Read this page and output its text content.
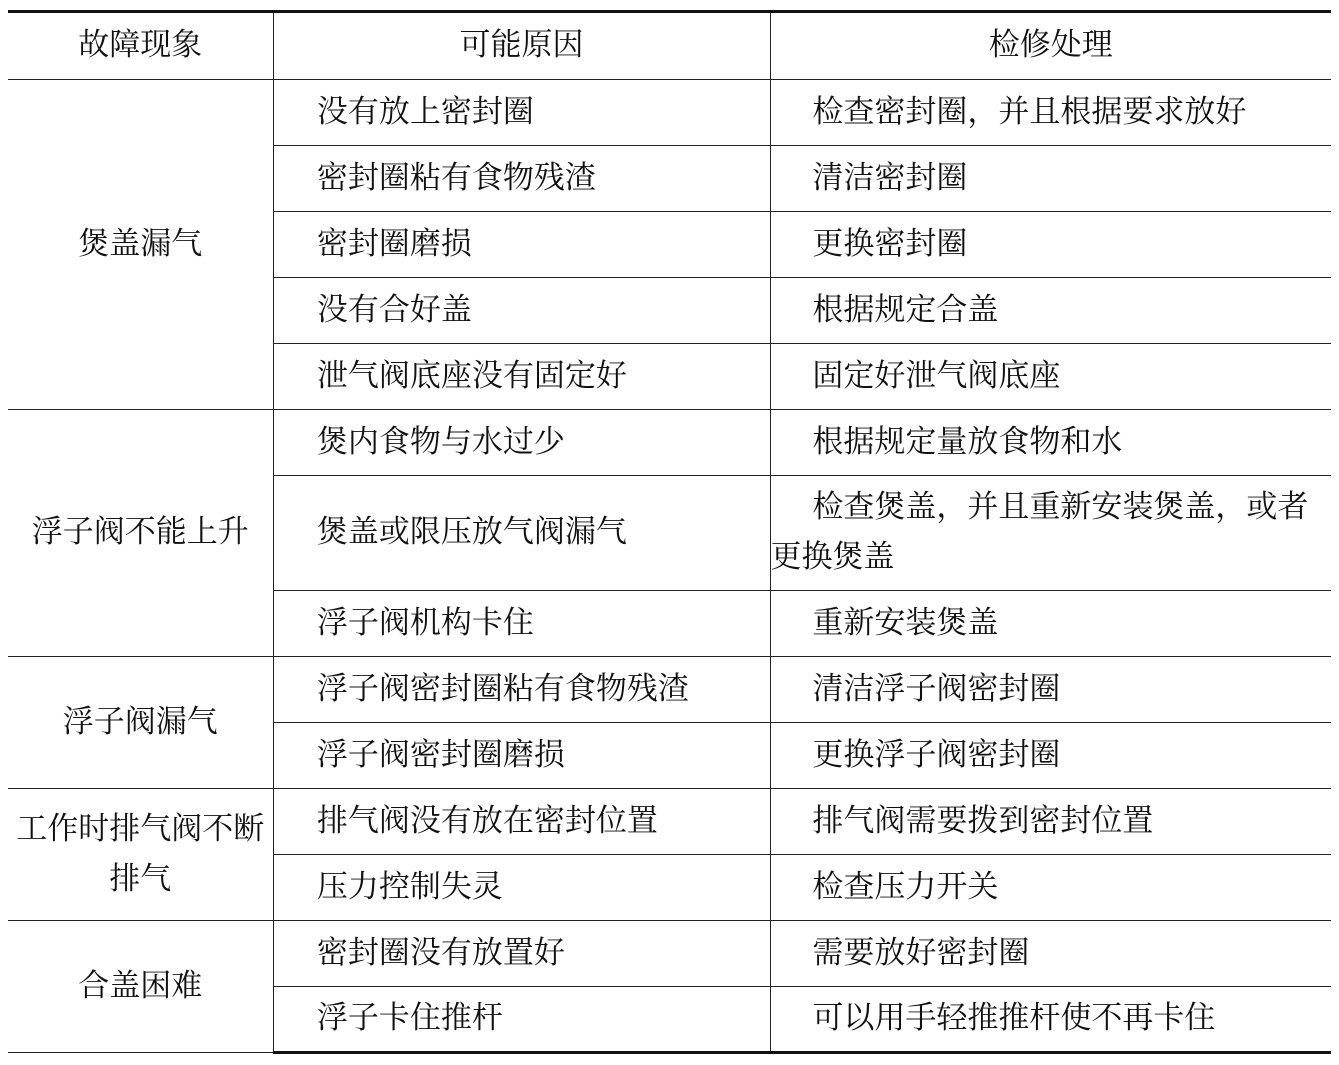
故障现象	可能原因	检修处理
煲盖漏气	没有放上密封圈	检查密封圈，并且根据要求放好
	密封圈粘有食物残渣	清洁密封圈
	密封圈磨损	更换密封圈
	没有合好盖	根据规定合盖
	泄气阀底座没有固定好	固定好泄气阀底座
浮子阀不能上升	煲内食物与水过少	根据规定量放食物和水
	煲盖或限压放气阀漏气	检查煲盖，并且重新安装煲盖，或者更换煲盖
	浮子阀机构卡住	重新安装煲盖
浮子阀漏气	浮子阀密封圈粘有食物残渣	清洁浮子阀密封圈
	浮子阀密封圈磨损	更换浮子阀密封圈
工作时排气阀不断排气	排气阀没有放在密封位置	排气阀需要拨到密封位置
	压力控制失灵	检查压力开关
合盖困难	密封圈没有放置好	需要放好密封圈
	浮子卡住推杆	可以用手轻推推杆使不再卡住
